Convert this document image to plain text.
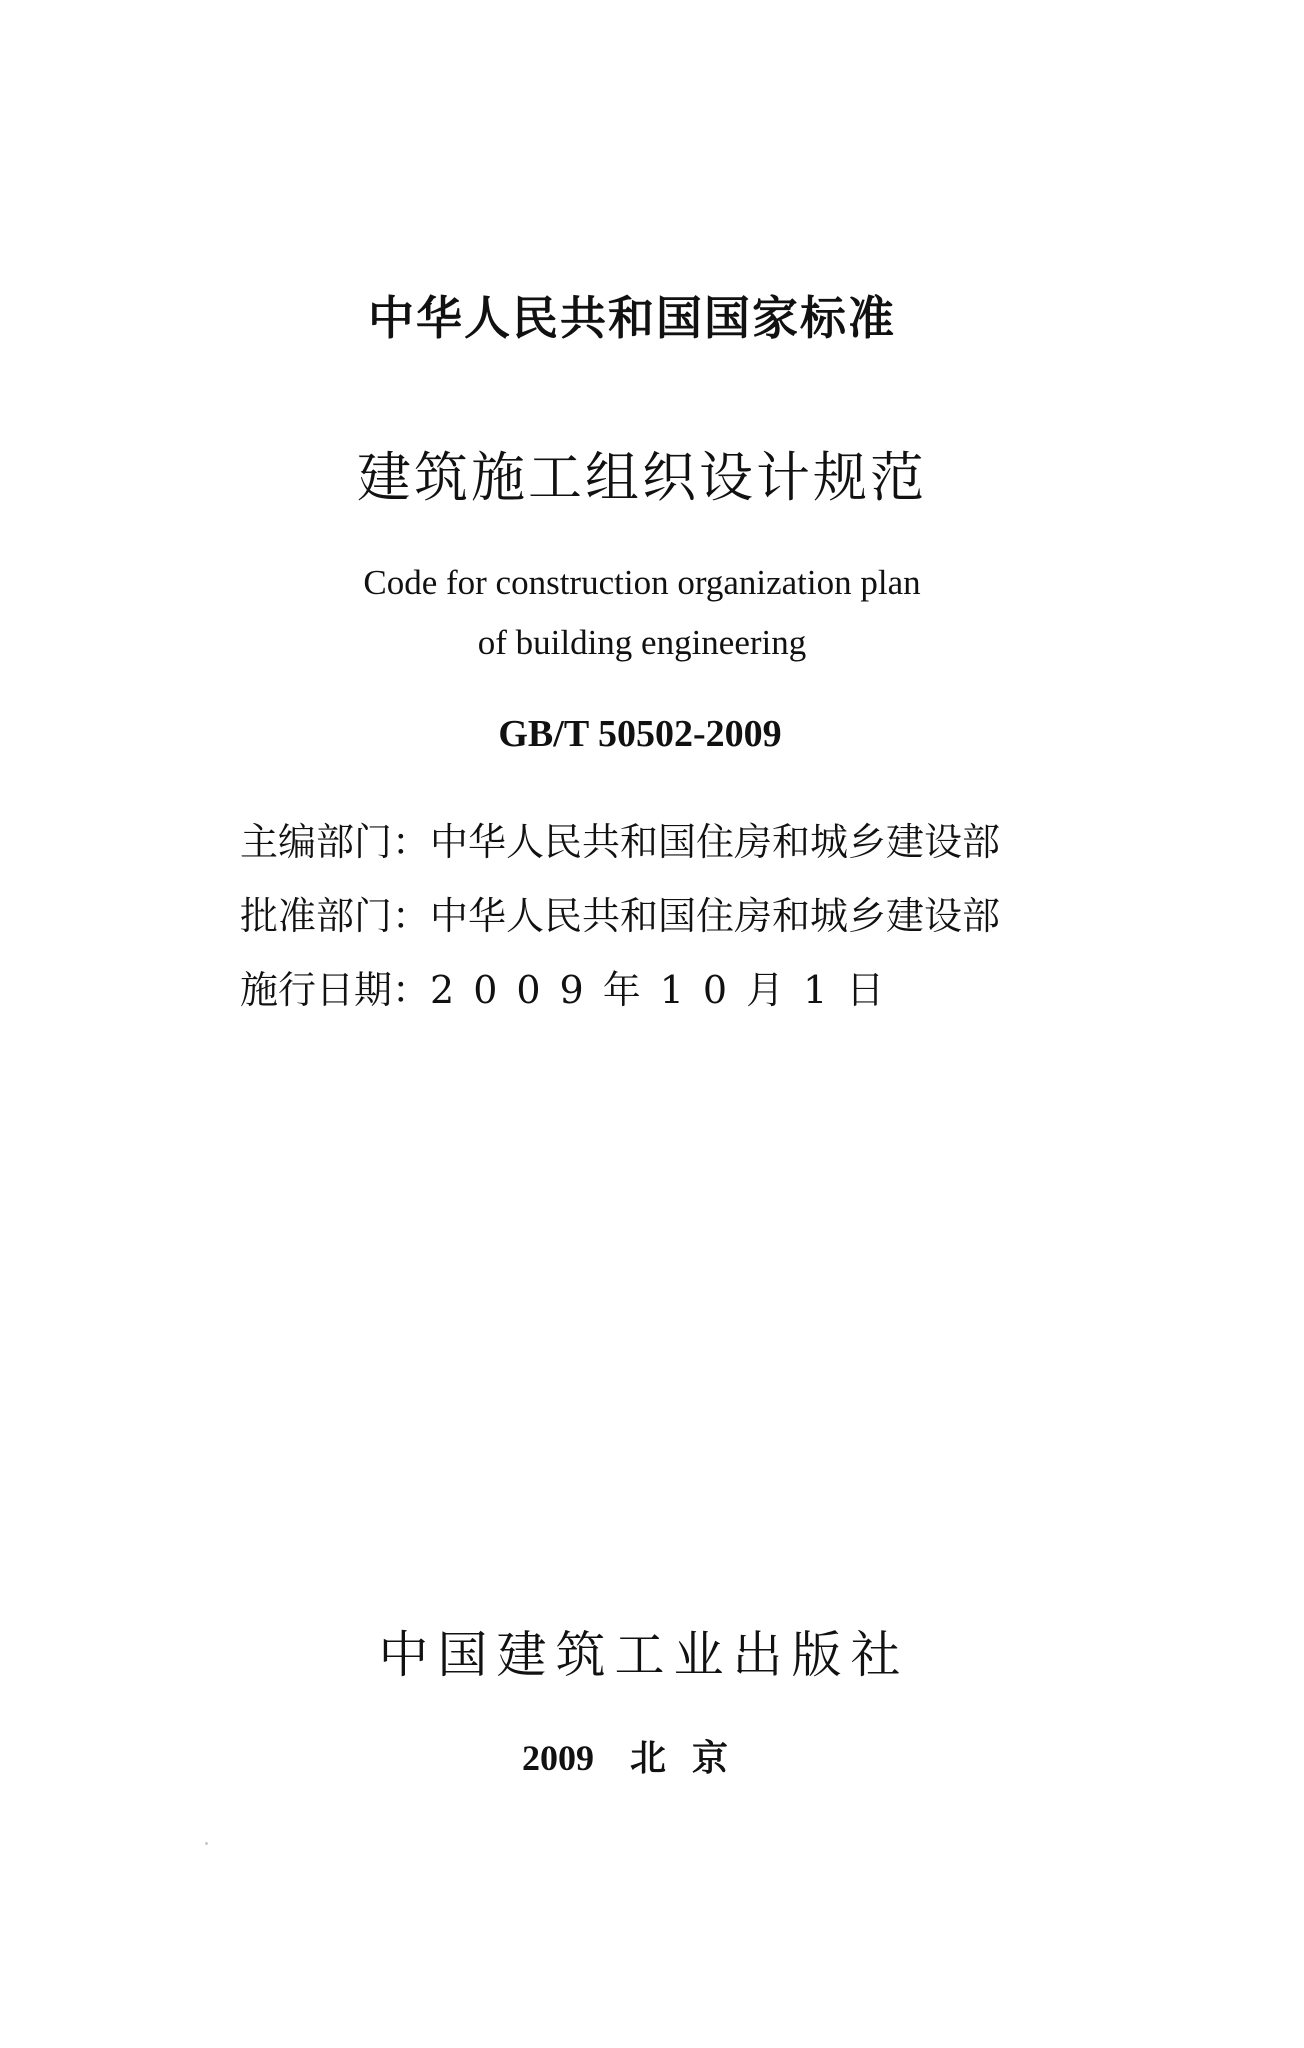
中华人民共和国国家标准
建筑施工组织设计规范
Code for construction organization plan
of building engineering
GB/T 50502-2009
主编部门：中华人民共和国住房和城乡建设部
批准部门：中华人民共和国住房和城乡建设部
施行日期：2009年10月1日
中国建筑工业出版社
2009 北京
